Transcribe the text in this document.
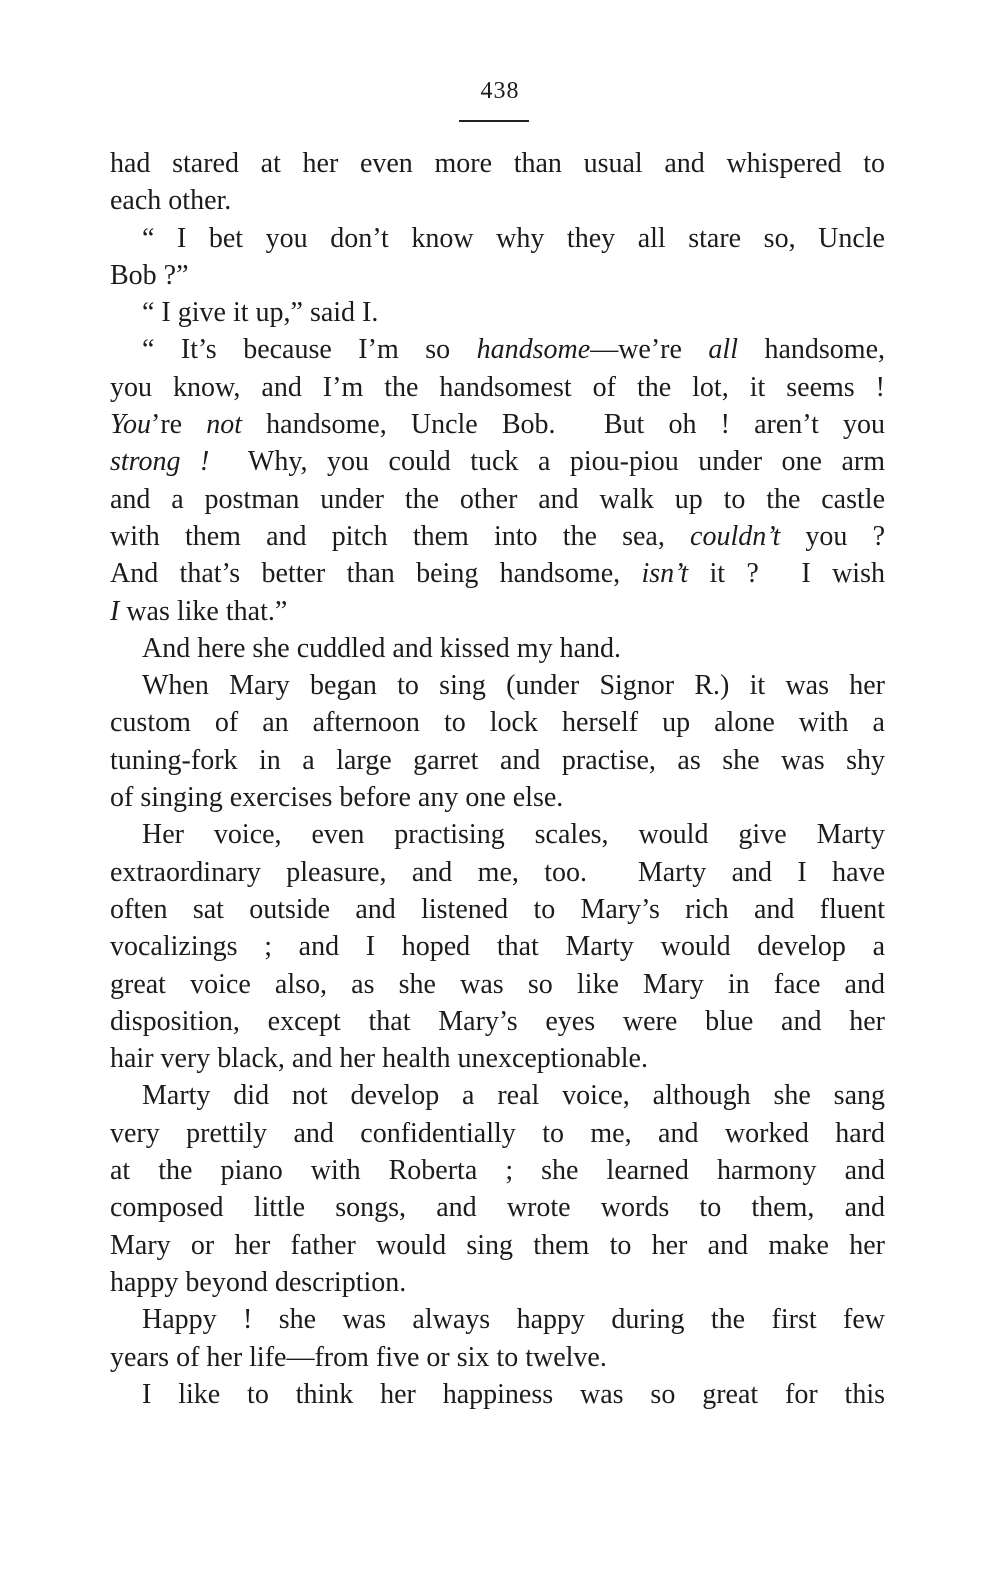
438
had stared at her even more than usual and whispered to
each other.
“ I bet you don’t know why they all stare so, Uncle
Bob ?”
“ I give it up,” said I.
“ It’s because I’m so handsome—we’re all handsome,
you know, and I’m the handsomest of the lot, it seems !
You’re not handsome, Uncle Bob.  But oh ! aren’t you
strong !  Why, you could tuck a piou-piou under one arm
and a postman under the other and walk up to the castle
with them and pitch them into the sea, couldn’t you ?
And that’s better than being handsome, isn’t it ?  I wish
I was like that.”
And here she cuddled and kissed my hand.
When Mary began to sing (under Signor R.) it was her
custom of an afternoon to lock herself up alone with a
tuning-fork in a large garret and practise, as she was shy
of singing exercises before any one else.
Her voice, even practising scales, would give Marty
extraordinary pleasure, and me, too.  Marty and I have
often sat outside and listened to Mary’s rich and fluent
vocalizings ; and I hoped that Marty would develop a
great voice also, as she was so like Mary in face and
disposition, except that Mary’s eyes were blue and her
hair very black, and her health unexceptionable.
Marty did not develop a real voice, although she sang
very prettily and confidentially to me, and worked hard
at the piano with Roberta ; she learned harmony and
composed little songs, and wrote words to them, and
Mary or her father would sing them to her and make her
happy beyond description.
Happy ! she was always happy during the first few
years of her life—from five or six to twelve.
I like to think her happiness was so great for this
